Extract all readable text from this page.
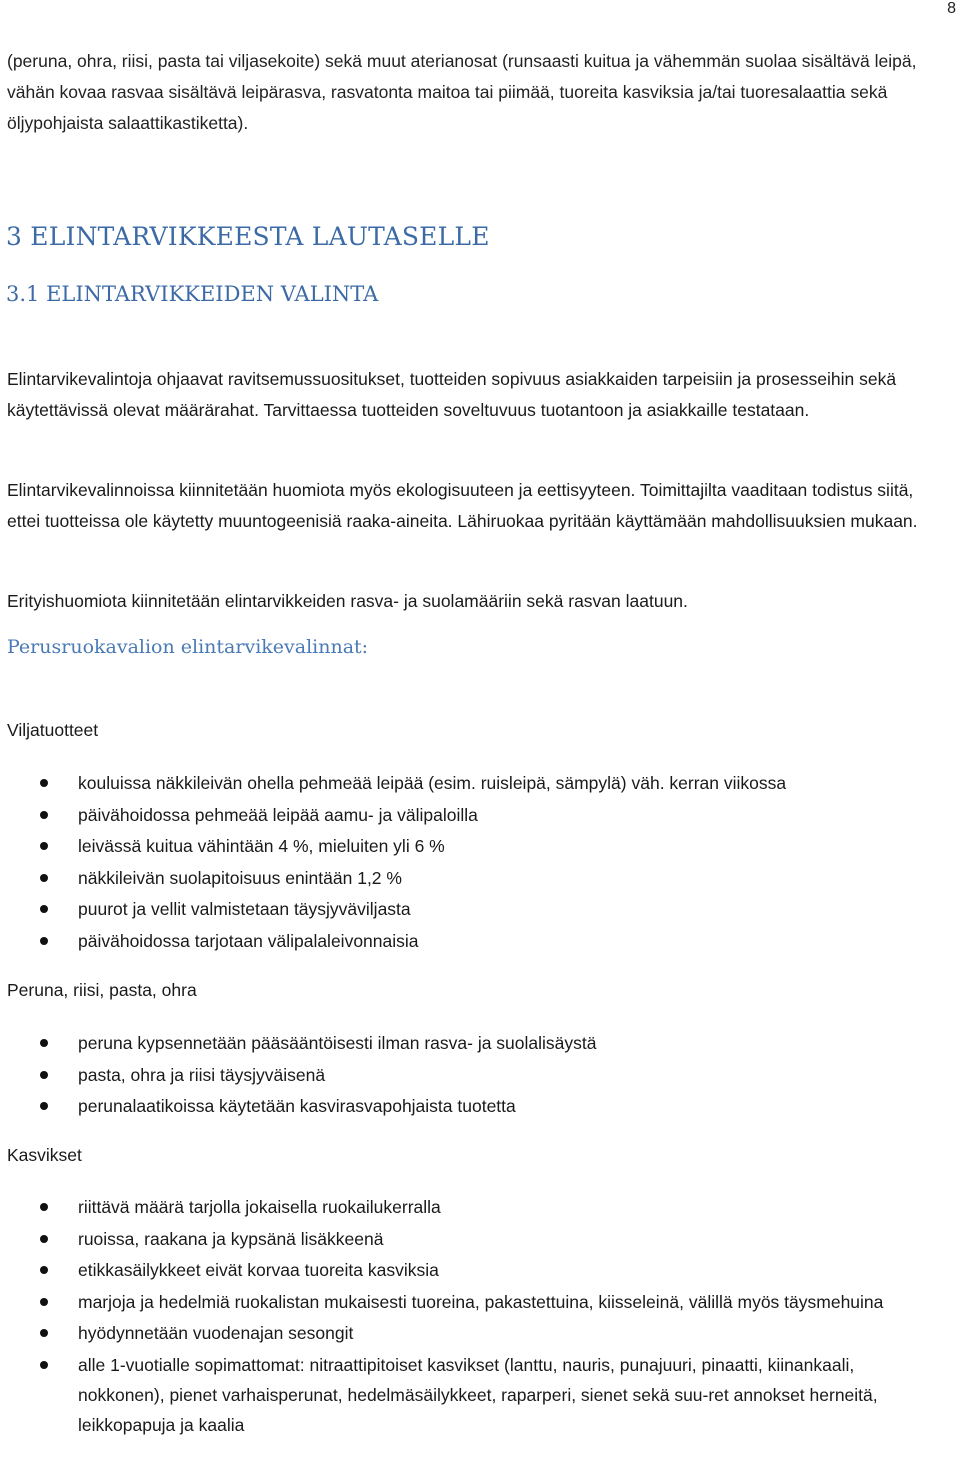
8
(peruna, ohra, riisi, pasta tai viljasekoite) sekä muut aterianosat (runsaasti kuitua ja vähemmän suolaa sisältävä leipä, vähän kovaa rasvaa sisältävä leipärasva, rasvatonta maitoa tai piimää, tuoreita kasviksia ja/tai tuoresalaattia sekä öljypohjaista salaattikastiketta).
3 ELINTARVIKKEESTA LAUTASELLE
3.1 ELINTARVIKKEIDEN VALINTA
Elintarvikevalintoja ohjaavat ravitsemussuositukset, tuotteiden sopivuus asiakkaiden tarpeisiin ja prosesseihin sekä käytettävissä olevat määrärahat. Tarvittaessa tuotteiden soveltuvuus tuotantoon ja asiakkaille testataan.
Elintarvikevalinnoissa kiinnitetään huomiota myös ekologisuuteen ja eettisyyteen. Toimittajilta vaaditaan todistus siitä, ettei tuotteissa ole käytetty muuntogeenisiä raaka-aineita. Lähiruokaa pyritään käyttämään mahdollisuuksien mukaan.
Erityishuomiota kiinnitetään elintarvikkeiden rasva- ja suolamääriin sekä rasvan laatuun.
Perusruokavalion elintarvikevalinnat:
Viljatuotteet
kouluissa näkkileivän ohella pehmeää leipää (esim. ruisleipä, sämpylä) väh. kerran viikossa
päivähoidossa pehmeää leipää aamu- ja välipaloilla
leivässä kuitua vähintään 4 %, mieluiten yli 6 %
näkkileivän suolapitoisuus enintään 1,2 %
puurot ja vellit valmistetaan täysjyväviljasta
päivähoidossa tarjotaan välipalaleivonnaisia
Peruna, riisi, pasta, ohra
peruna kypsennetään pääsääntöisesti ilman rasva- ja suolalisäystä
pasta, ohra ja riisi täysjyväisenä
perunalaatikoissa käytetään kasvirasvapohjaista tuotetta
Kasvikset
riittävä määrä tarjolla jokaisella ruokailukerralla
ruoissa, raakana ja kypsänä lisäkkeenä
etikkasäilykkeet eivät korvaa tuoreita kasviksia
marjoja ja hedelmiä ruokalistan mukaisesti tuoreina, pakastettuina, kiisseleinä, välillä myös täysmehuina
hyödynnetään vuodenajan sesongit
alle 1-vuotialle sopimattomat: nitraattipitoiset kasvikset (lanttu, nauris, punajuuri, pinaatti, kiinankaali, nokkonen), pienet varhaisperunat, hedelmäsäilykkeet, raparperi, sienet sekä suu-ret annokset herneitä, leikkopapuja ja kaalia
